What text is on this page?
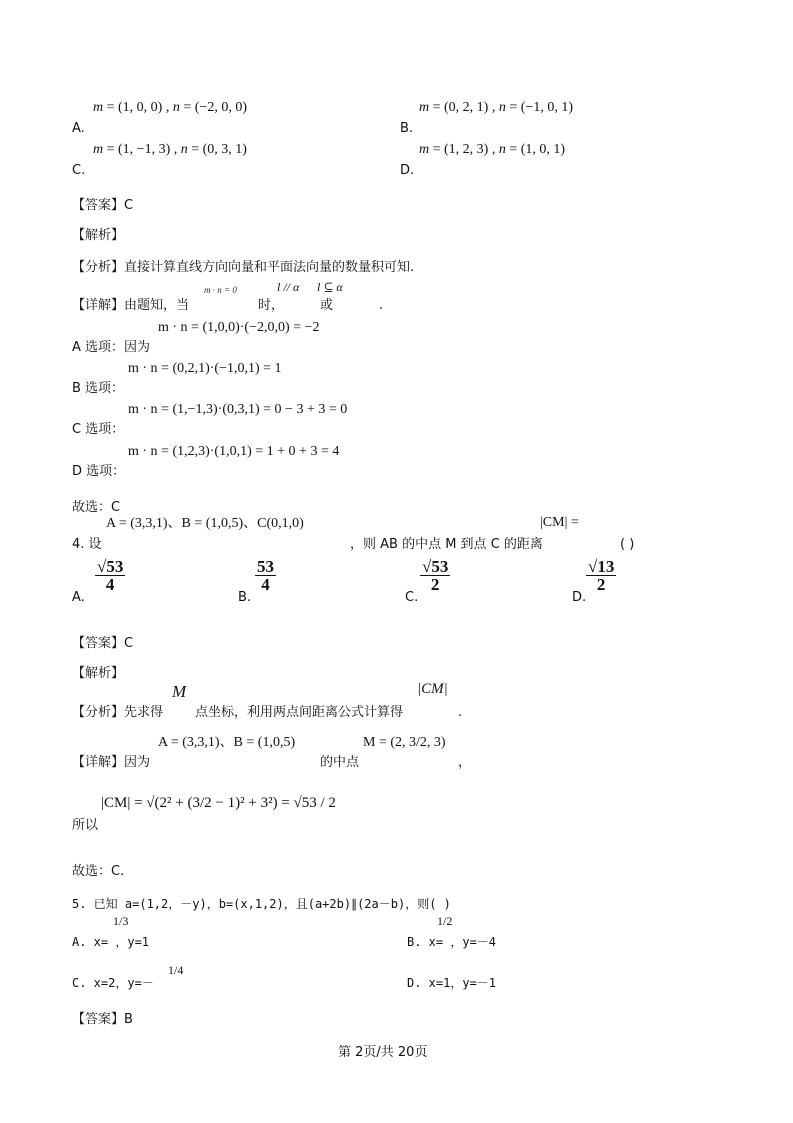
m = (1, 0, 0) , n = (−2, 0, 0)
A.
m = (0, 2, 1) , n = (−1, 0, 1)
B.
m = (1, −1, 3) , n = (0, 3, 1)
C.
m = (1, 2, 3) , n = (1, 0, 1)
D.
【答案】C
【解析】
【分析】直接计算直线方向向量和平面法向量的数量积可知.
m · n = 0	l // α l ⊆ α
【详解】由题知，当	时，	或	.
m · n = (1,0,0)·(−2,0,0) = −2
A 选项：因为
m · n = (0,2,1)·(−1,0,1) = 1
B 选项：
m · n = (1,−1,3)·(0,3,1) = 0 − 3 + 3 = 0
C 选项：
m · n = (1,2,3)·(1,0,1) = 1 + 0 + 3 = 4
D 选项：
故选：C
A = (3,3,1)、B = (1,0,5)、C(0,1,0)	|CM| =
4. 设	，则 AB 的中点 M 到点 C 的距离	( )
A.
$\frac{√53}{4}$
B.
$\frac{53}{4}$
C.
$\frac{√53}{2}$
D.
$\frac{√13}{2}$
【答案】C
【解析】
M
【分析】先求得 点坐标，利用两点间距离公式计算得
|CM|
.
A = (3,3,1)、B = (1,0,5)	M = (2, 3/2, 3)
【详解】因为	的中点	，
|CM| = √(2² + (3/2 − 1)² + 3²) = √53 / 2
所以
故选：C.
5. 已知 a=(1,2，－y)，b=(x,1,2)，且(a+2b)∥(2a－b)，则( )
1/3
A. x= ，y=1
1/2
B. x= ，y=－4
1/4
C. x=2，y=－	D. x=1，y=－1
【答案】B
第 2页/共 20页
